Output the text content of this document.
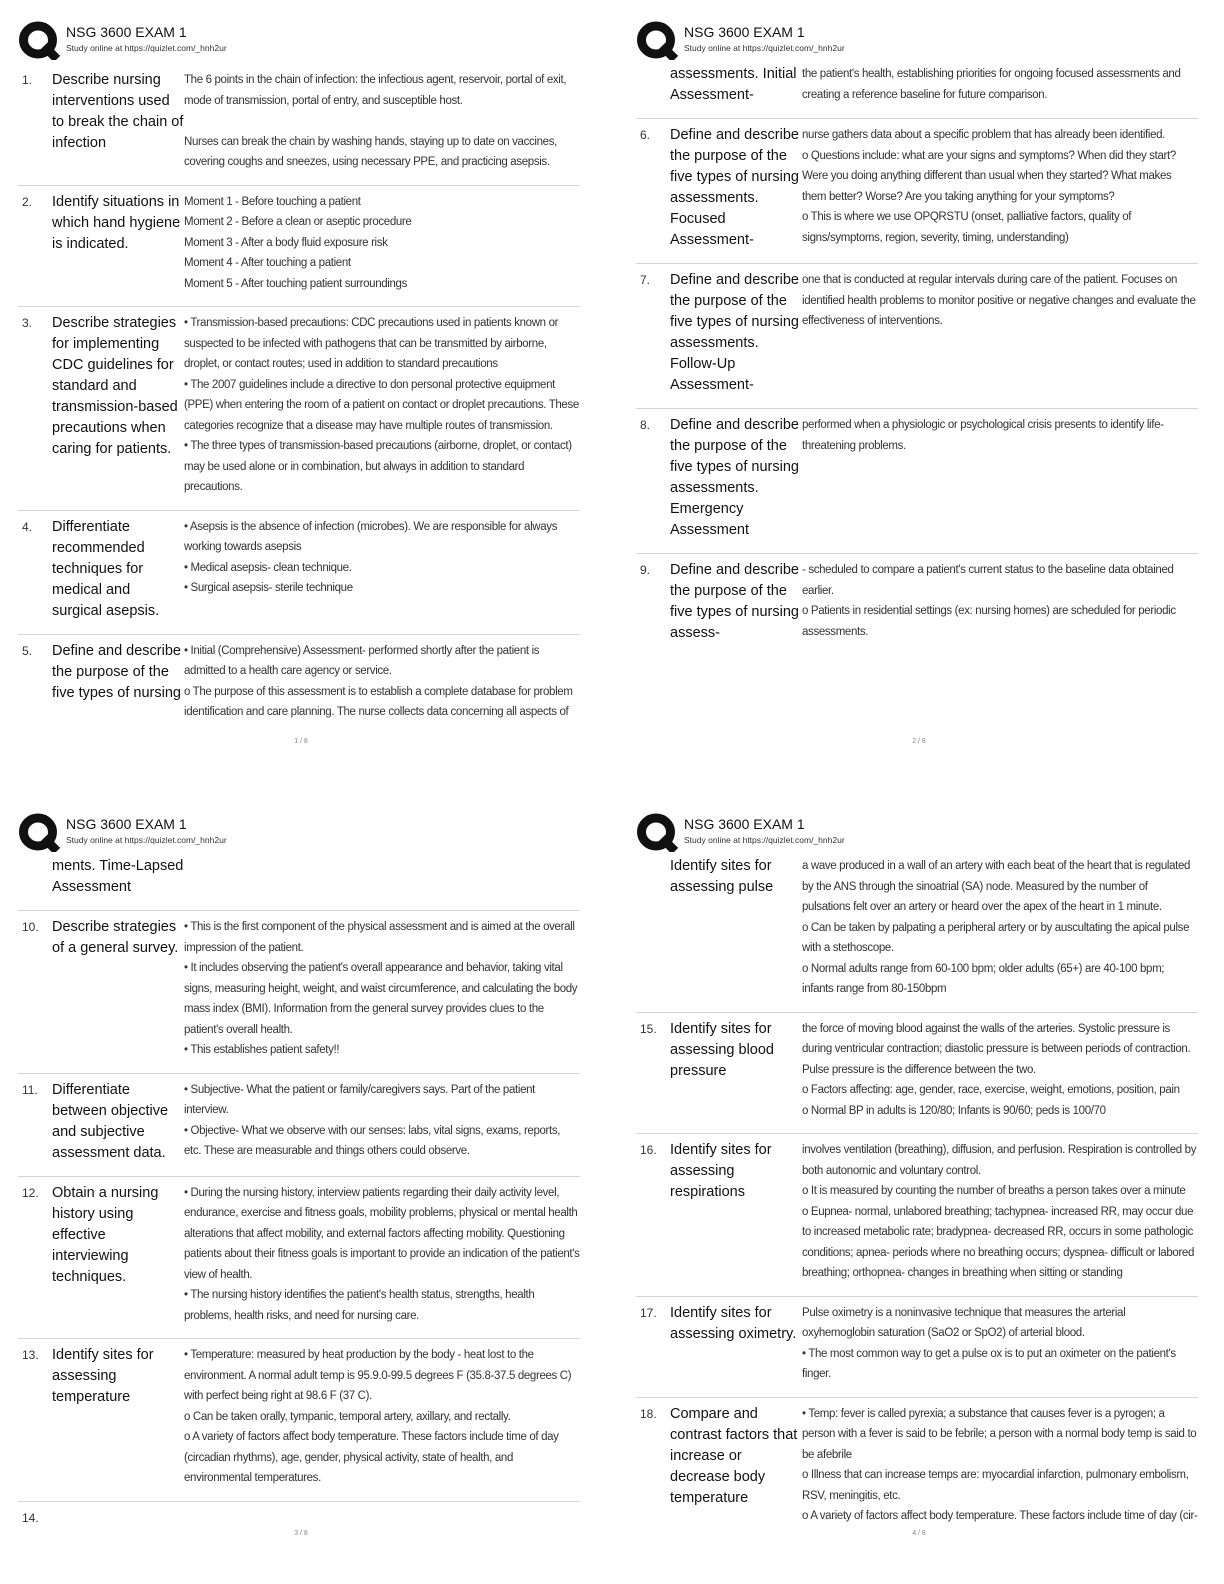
NSG 3600 EXAM 1
Study online at https://quizlet.com/_hnh2ur
1.	Describe nursing interventions used to break the chain of infection
The 6 points in the chain of infection: the infectious agent, reservoir, portal of exit, mode of transmission, portal of entry, and susceptible host.

Nurses can break the chain by washing hands, staying up to date on vaccines, covering coughs and sneezes, using necessary PPE, and practicing asepsis.
2.	Identify situations in which hand hygiene is indicated.
Moment 1 - Before touching a patient
Moment 2 - Before a clean or aseptic procedure
Moment 3 - After a body fluid exposure risk
Moment 4 - After touching a patient
Moment 5 - After touching patient surroundings
3.	Describe strategies for implementing CDC guidelines for standard and transmission-based precautions when caring for patients.
• Transmission-based precautions: CDC precautions used in patients known or suspected to be infected with pathogens that can be transmitted by airborne, droplet, or contact routes; used in addition to standard precautions
• The 2007 guidelines include a directive to don personal protective equipment (PPE) when entering the room of a patient on contact or droplet precautions. These categories recognize that a disease may have multiple routes of transmission.
• The three types of transmission-based precautions (airborne, droplet, or contact) may be used alone or in combination, but always in addition to standard precautions.
4.	Differentiate recommended techniques for medical and surgical asepsis.
• Asepsis is the absence of infection (microbes). We are responsible for always working towards asepsis
• Medical asepsis- clean technique.
• Surgical asepsis- sterile technique
5.	Define and describe the purpose of the five types of nursing
• Initial (Comprehensive) Assessment- performed shortly after the patient is admitted to a health care agency or service.
o The purpose of this assessment is to establish a complete database for problem identification and care planning. The nurse collects data concerning all aspects of
1 / 8
NSG 3600 EXAM 1
Study online at https://quizlet.com/_hnh2ur
assessments. Initial Assessment-
the patient's health, establishing priorities for ongoing focused assessments and creating a reference baseline for future comparison.
6.	Define and describe the purpose of the five types of nursing assessments. Focused Assessment-
nurse gathers data about a specific problem that has already been identified.
o Questions include: what are your signs and symptoms? When did they start? Were you doing anything different than usual when they started? What makes them better? Worse? Are you taking anything for your symptoms?
o This is where we use OPQRSTU (onset, palliative factors, quality of signs/symptoms, region, severity, timing, understanding)
7.	Define and describe the purpose of the five types of nursing assessments. Follow-Up Assessment-
one that is conducted at regular intervals during care of the patient. Focuses on identified health problems to monitor positive or negative changes and evaluate the effectiveness of interventions.
8.	Define and describe the purpose of the five types of nursing assessments. Emergency Assessment
performed when a physiologic or psychological crisis presents to identify life-threatening problems.
9.	Define and describe the purpose of the five types of nursing assess-
- scheduled to compare a patient's current status to the baseline data obtained earlier.
o Patients in residential settings (ex: nursing homes) are scheduled for periodic assessments.
2 / 8
NSG 3600 EXAM 1
Study online at https://quizlet.com/_hnh2ur
ments. Time-Lapsed Assessment
10. Describe strategies of a general survey.
• This is the first component of the physical assessment and is aimed at the overall impression of the patient.
• It includes observing the patient's overall appearance and behavior, taking vital signs, measuring height, weight, and waist circumference, and calculating the body mass index (BMI). Information from the general survey provides clues to the patient's overall health.
• This establishes patient safety!!
11. Differentiate between objective and subjective assessment data.
• Subjective- What the patient or family/caregivers says. Part of the patient interview.
• Objective- What we observe with our senses: labs, vital signs, exams, reports, etc. These are measurable and things others could observe.
12. Obtain a nursing history using effective interviewing techniques.
• During the nursing history, interview patients regarding their daily activity level, endurance, exercise and fitness goals, mobility problems, physical or mental health alterations that affect mobility, and external factors affecting mobility. Questioning patients about their fitness goals is important to provide an indication of the patient's view of health.
• The nursing history identifies the patient's health status, strengths, health problems, health risks, and need for nursing care.
13. Identify sites for assessing temperature
• Temperature: measured by heat production by the body - heat lost to the environment. A normal adult temp is 95.9.0-99.5 degrees F (35.8-37.5 degrees C) with perfect being right at 98.6 F (37 C).
o Can be taken orally, tympanic, temporal artery, axillary, and rectally.
o A variety of factors affect body temperature. These factors include time of day (circadian rhythms), age, gender, physical activity, state of health, and environmental temperatures.
14.
3 / 8
NSG 3600 EXAM 1
Study online at https://quizlet.com/_hnh2ur
Identify sites for assessing pulse
a wave produced in a wall of an artery with each beat of the heart that is regulated by the ANS through the sinoatrial (SA) node. Measured by the number of pulsations felt over an artery or heard over the apex of the heart in 1 minute.
o Can be taken by palpating a peripheral artery or by auscultating the apical pulse with a stethoscope.
o Normal adults range from 60-100 bpm; older adults (65+) are 40-100 bpm; infants range from 80-150bpm
15. Identify sites for assessing blood pressure
the force of moving blood against the walls of the arteries. Systolic pressure is during ventricular contraction; diastolic pressure is between periods of contraction. Pulse pressure is the difference between the two.
o Factors affecting: age, gender, race, exercise, weight, emotions, position, pain
o Normal BP in adults is 120/80; Infants is 90/60; peds is 100/70
16. Identify sites for assessing respirations
involves ventilation (breathing), diffusion, and perfusion. Respiration is controlled by both autonomic and voluntary control.
o It is measured by counting the number of breaths a person takes over a minute
o Eupnea- normal, unlabored breathing; tachypnea- increased RR, may occur due to increased metabolic rate; bradypnea- decreased RR, occurs in some pathologic conditions; apnea- periods where no breathing occurs; dyspnea- difficult or labored breathing; orthopnea- changes in breathing when sitting or standing
17. Identify sites for assessing oximetry.
Pulse oximetry is a noninvasive technique that measures the arterial oxyhemoglobin saturation (SaO2 or SpO2) of arterial blood.
• The most common way to get a pulse ox is to put an oximeter on the patient's finger.
18. Compare and contrast factors that increase or decrease body temperature
• Temp: fever is called pyrexia; a substance that causes fever is a pyrogen; a person with a fever is said to be febrile; a person with a normal body temp is said to be afebrile
o Illness that can increase temps are: myocardial infarction, pulmonary embolism, RSV, meningitis, etc.
o A variety of factors affect body temperature. These factors include time of day (cir-
4 / 8
